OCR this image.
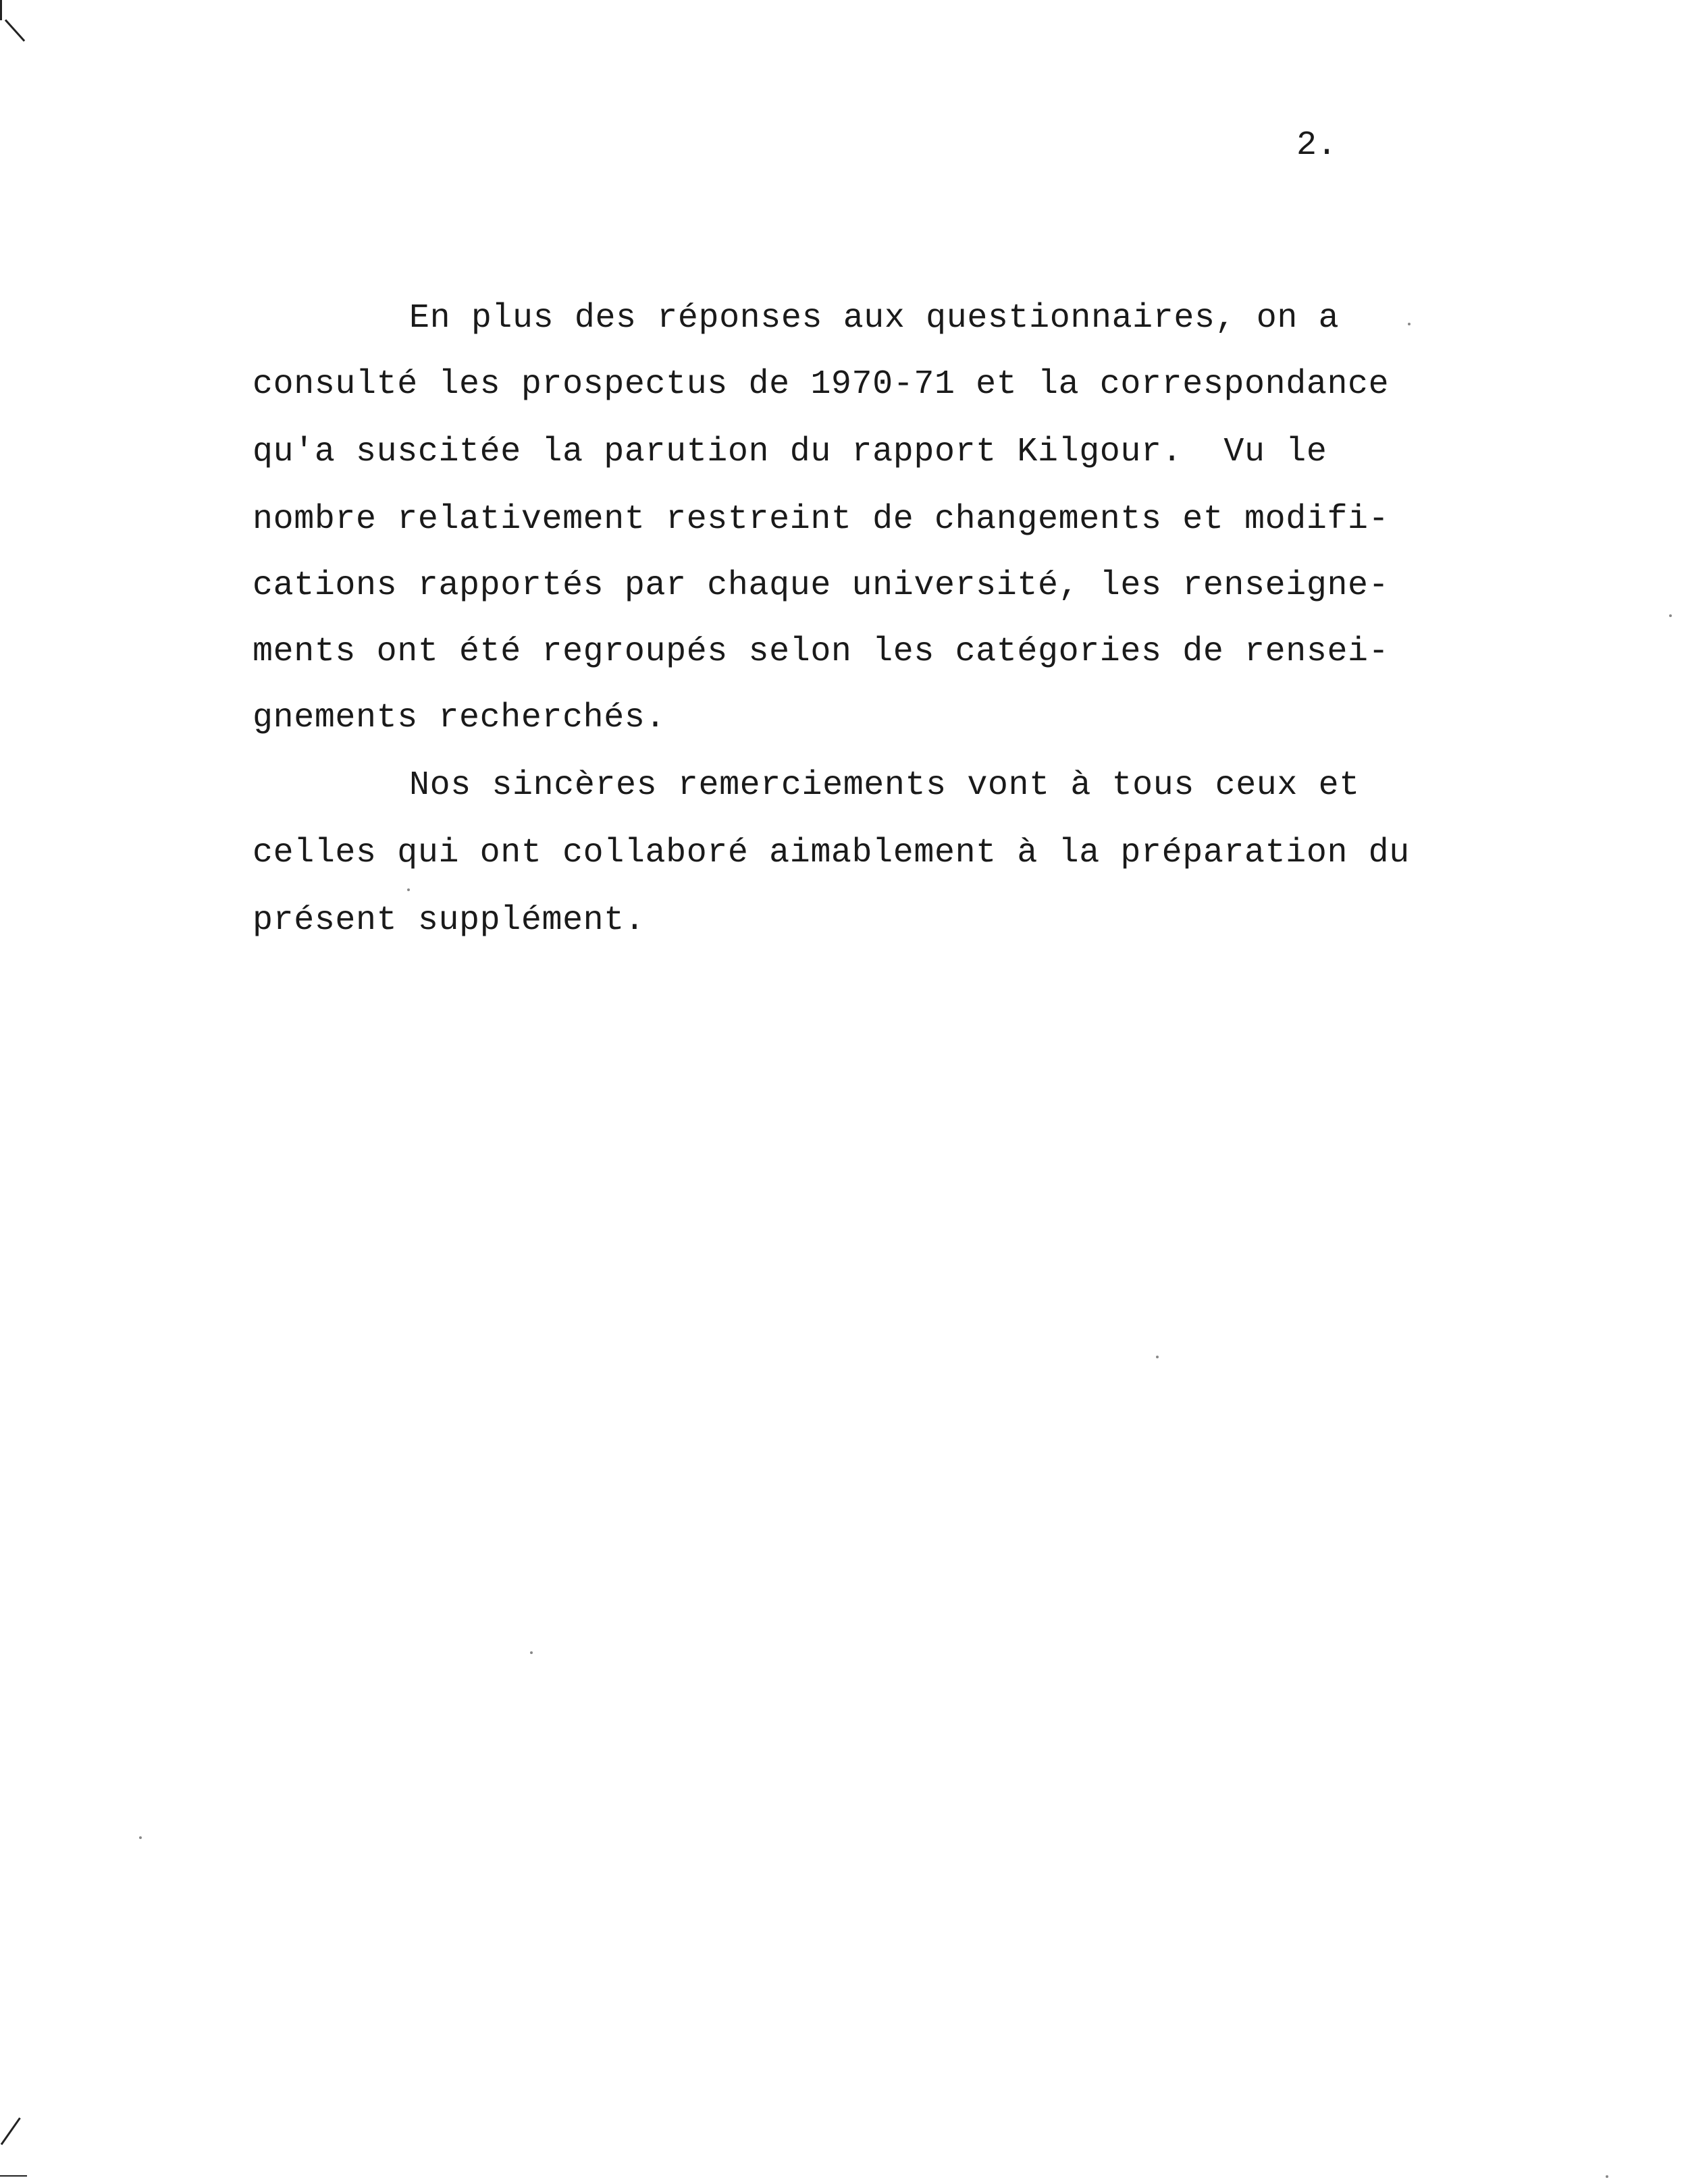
2.
En plus des réponses aux questionnaires, on a
consulté les prospectus de 1970-71 et la correspondance
qu'a suscitée la parution du rapport Kilgour.  Vu le
nombre relativement restreint de changements et modifi-
cations rapportés par chaque université, les renseigne-
ments ont été regroupés selon les catégories de rensei-
gnements recherchés.
Nos sincères remerciements vont à tous ceux et
celles qui ont collaboré aimablement à la préparation du
présent supplément.
